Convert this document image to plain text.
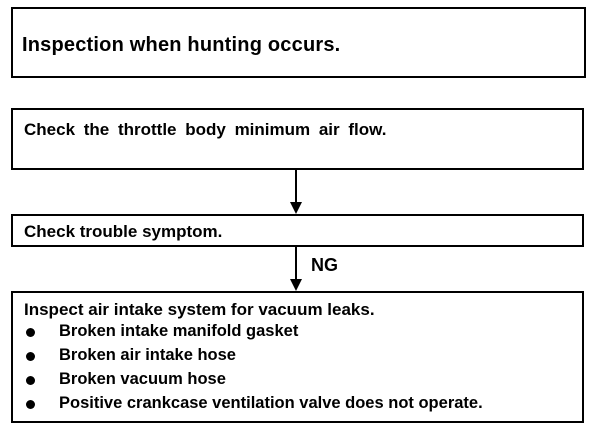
Inspection when hunting occurs.
Check the throttle body minimum air flow.
Check trouble symptom.
NG
Inspect air intake system for vacuum leaks.
Broken intake manifold gasket
Broken air intake hose
Broken vacuum hose
Positive crankcase ventilation valve does not operate.
